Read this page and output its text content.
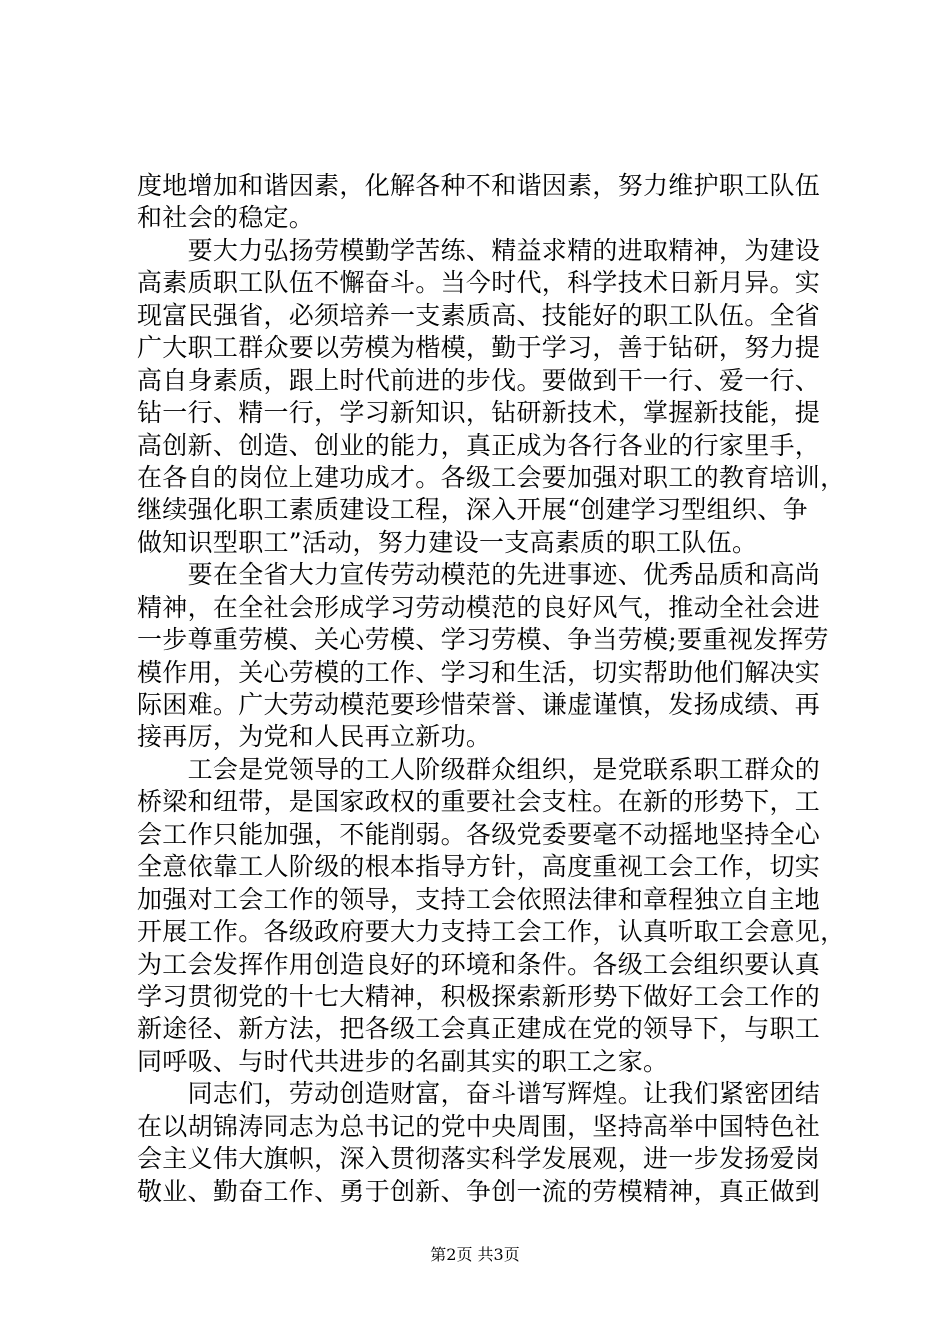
度地增加和谐因素，化解各种不和谐因素，努力维护职工队伍
和社会的稳定。
　　要大力弘扬劳模勤学苦练、精益求精的进取精神，为建设
高素质职工队伍不懈奋斗。当今时代，科学技术日新月异。实
现富民强省，必须培养一支素质高、技能好的职工队伍。全省
广大职工群众要以劳模为楷模，勤于学习，善于钻研，努力提
高自身素质，跟上时代前进的步伐。要做到干一行、爱一行、
钻一行、精一行，学习新知识，钻研新技术，掌握新技能，提
高创新、创造、创业的能力，真正成为各行各业的行家里手，
在各自的岗位上建功成才。各级工会要加强对职工的教育培训，
继续强化职工素质建设工程，深入开展“创建学习型组织、争
做知识型职工”活动，努力建设一支高素质的职工队伍。
　　要在全省大力宣传劳动模范的先进事迹、优秀品质和高尚
精神，在全社会形成学习劳动模范的良好风气，推动全社会进
一步尊重劳模、关心劳模、学习劳模、争当劳模;要重视发挥劳
模作用，关心劳模的工作、学习和生活，切实帮助他们解决实
际困难。广大劳动模范要珍惜荣誉、谦虚谨慎，发扬成绩、再
接再厉，为党和人民再立新功。
　　工会是党领导的工人阶级群众组织，是党联系职工群众的
桥梁和纽带，是国家政权的重要社会支柱。在新的形势下，工
会工作只能加强，不能削弱。各级党委要毫不动摇地坚持全心
全意依靠工人阶级的根本指导方针，高度重视工会工作，切实
加强对工会工作的领导，支持工会依照法律和章程独立自主地
开展工作。各级政府要大力支持工会工作，认真听取工会意见，
为工会发挥作用创造良好的环境和条件。各级工会组织要认真
学习贯彻党的十七大精神，积极探索新形势下做好工会工作的
新途径、新方法，把各级工会真正建成在党的领导下，与职工
同呼吸、与时代共进步的名副其实的职工之家。
　　同志们，劳动创造财富，奋斗谱写辉煌。让我们紧密团结
在以胡锦涛同志为总书记的党中央周围，坚持高举中国特色社
会主义伟大旗帜，深入贯彻落实科学发展观，进一步发扬爱岗
敬业、勤奋工作、勇于创新、争创一流的劳模精神，真正做到
第2页 共3页
